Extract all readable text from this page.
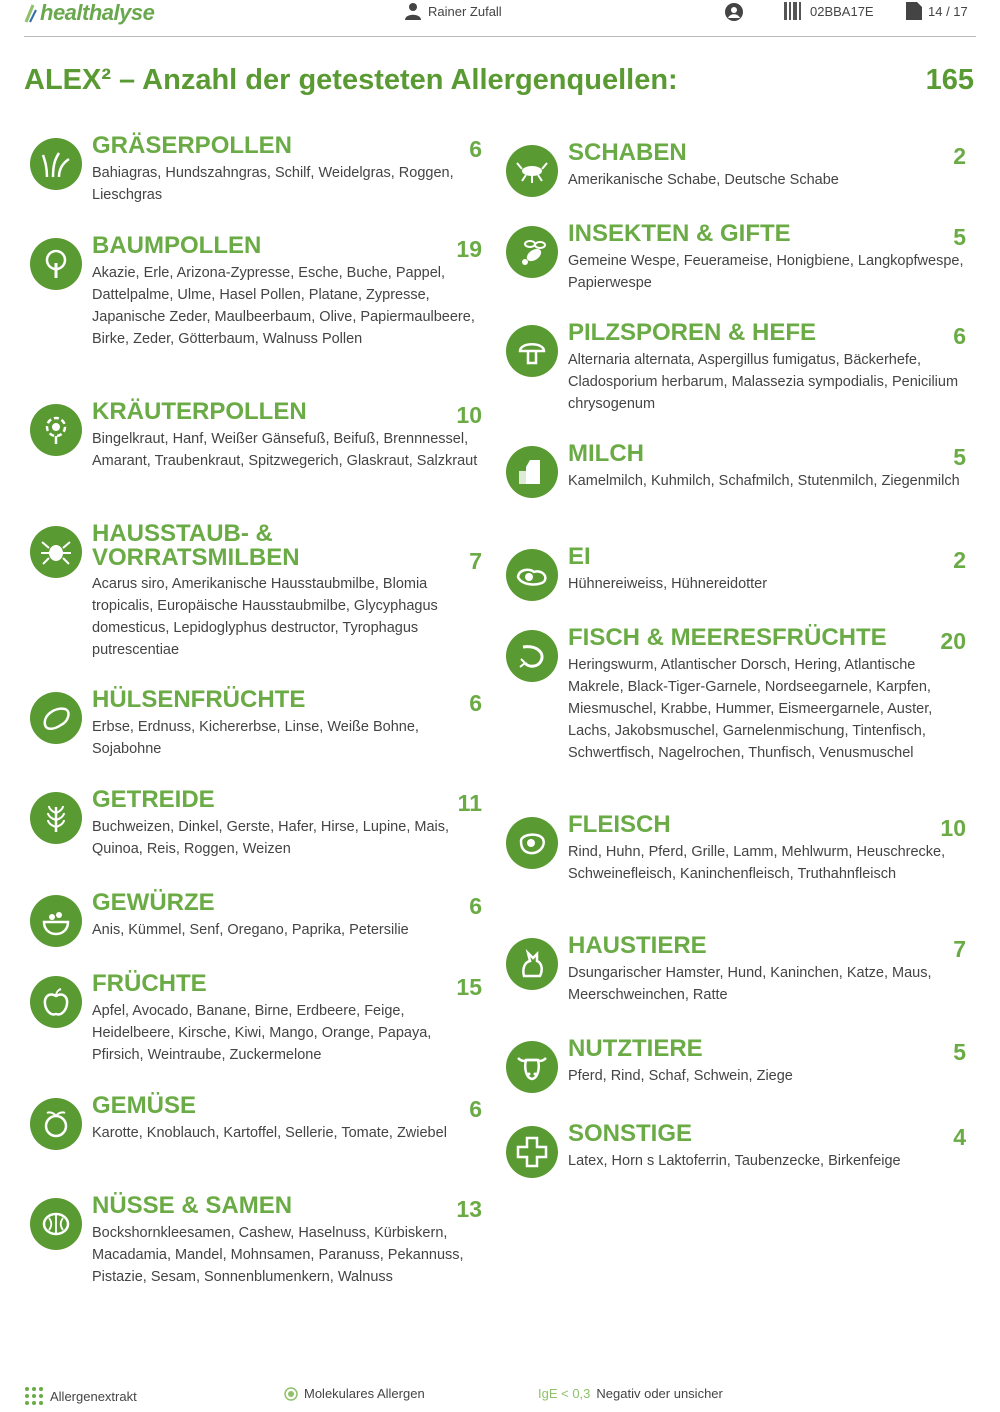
healthalyse	Rainer Zufall	02BBA17E	14 / 17
ALEX² – Anzahl der getesteten Allergenquellen:	165
GRÄSERPOLLEN	6
Bahiagras, Hundszahngras, Schilf, Weidelgras, Roggen, Lieschgras
BAUMPOLLEN	19
Akazie, Erle, Arizona-Zypresse, Esche, Buche, Pappel, Dattelpalme, Ulme, Hasel Pollen, Platane, Zypresse, Japanische Zeder, Maulbeerbaum, Olive, Papiermaulbeere, Birke, Zeder, Götterbaum, Walnuss Pollen
KRÄUTERPOLLEN	10
Bingelkraut, Hanf, Weißer Gänsefuß, Beifuß, Brennnessel, Amarant, Traubenkraut, Spitzwegerich, Glaskraut, Salzkraut
HAUSSTAUB- & VORRATSMILBEN	7
Acarus siro, Amerikanische Hausstaubmilbe, Blomia tropicalis, Europäische Hausstaubmilbe, Glycyphagus domesticus, Lepidoglyphus destructor, Tyrophagus putrescentiae
HÜLSENFRÜCHTE	6
Erbse, Erdnuss, Kichererbse, Linse, Weiße Bohne, Sojabohne
GETREIDE	11
Buchweizen, Dinkel, Gerste, Hafer, Hirse, Lupine, Mais, Quinoa, Reis, Roggen, Weizen
GEWÜRZE	6
Anis, Kümmel, Senf, Oregano, Paprika, Petersilie
FRÜCHTE	15
Apfel, Avocado, Banane, Birne, Erdbeere, Feige, Heidelbeere, Kirsche, Kiwi, Mango, Orange, Papaya, Pfirsich, Weintraube, Zuckermelone
GEMÜSE	6
Karotte, Knoblauch, Kartoffel, Sellerie, Tomate, Zwiebel
NÜSSE & SAMEN	13
Bockshornkleesamen, Cashew, Haselnuss, Kürbiskern, Macadamia, Mandel, Mohnsamen, Paranuss, Pekannuss, Pistazie, Sesam, Sonnenblumenkern, Walnuss
SCHABEN	2
Amerikanische Schabe, Deutsche Schabe
INSEKTEN & GIFTE	5
Gemeine Wespe, Feuerameise, Honigbiene, Langkopfwespe, Papierwespe
PILZSPOREN & HEFE	6
Alternaria alternata, Aspergillus fumigatus, Bäckerhefe, Cladosporium herbarum, Malassezia sympodialis, Penicilium chrysogenum
MILCH	5
Kamelmilch, Kuhmilch, Schafmilch, Stutenmilch, Ziegenmilch
EI	2
Hühnereiweiss, Hühnereidotter
FISCH & MEERESFRÜCHTE 20
Heringswurm, Atlantischer Dorsch, Hering, Atlantische Makrele, Black-Tiger-Garnele, Nordseegarnele, Karpfen, Miesmuschel, Krabbe, Hummer, Eismeergarnele, Auster, Lachs, Jakobsmuschel, Garnelenmischung, Tintenfisch, Schwertfisch, Nagelrochen, Thunfisch, Venusmuschel
FLEISCH	10
Rind, Huhn, Pferd, Grille, Lamm, Mehlwurm, Heuschrecke, Schweinefleisch, Kaninchenfleisch, Truthahnfleisch
HAUSTIERE	7
Dsungarischer Hamster, Hund, Kaninchen, Katze, Maus, Meerschweinchen, Ratte
NUTZTIERE	5
Pferd, Rind, Schaf, Schwein, Ziege
SONSTIGE	4
Latex, Horn s Laktoferrin, Taubenzecke, Birkenfeige
Allergenextrakt	Molekulares Allergen	IgE < 0,3 Negativ oder unsicher
